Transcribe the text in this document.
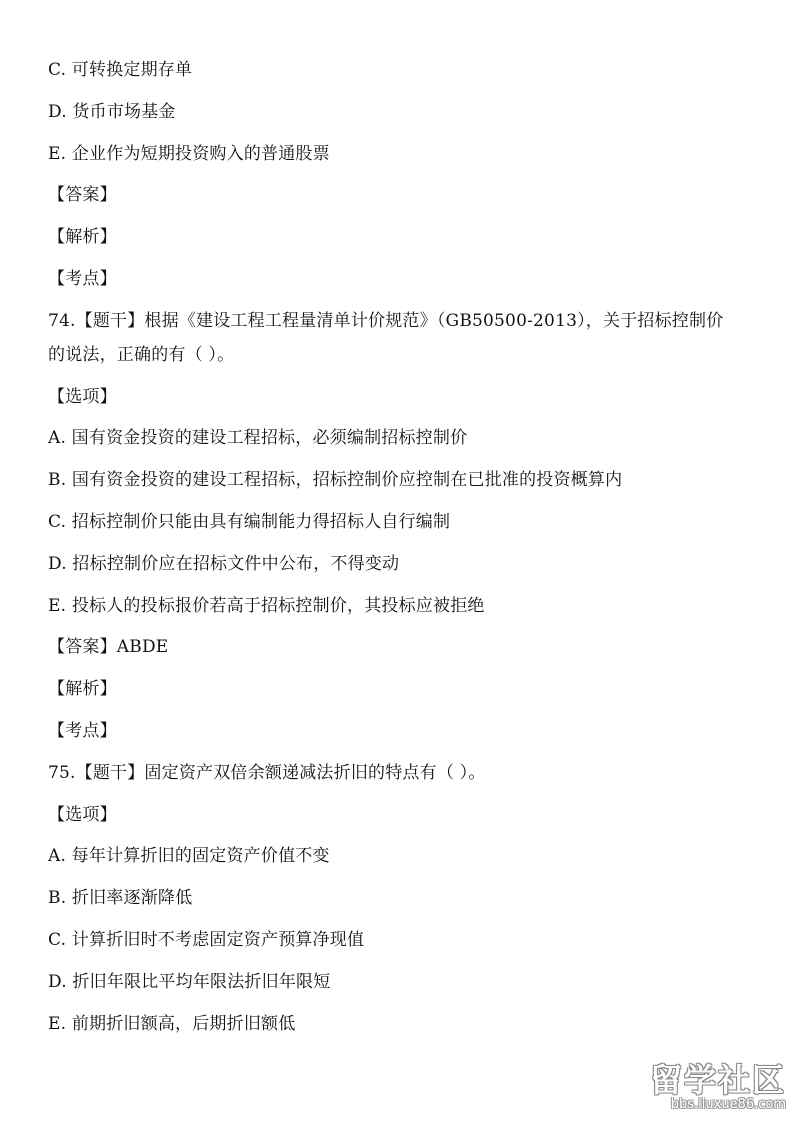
C. 可转换定期存单
D. 货币市场基金
E. 企业作为短期投资购入的普通股票
【答案】
【解析】
【考点】
74.【题干】根据《建设工程工程量清单计价规范》（GB50500-2013），关于招标控制价
的说法，正确的有（ ）。
【选项】
A. 国有资金投资的建设工程招标，必须编制招标控制价
B. 国有资金投资的建设工程招标，招标控制价应控制在已批准的投资概算内
C. 招标控制价只能由具有编制能力得招标人自行编制
D. 招标控制价应在招标文件中公布，不得变动
E. 投标人的投标报价若高于招标控制价，其投标应被拒绝
【答案】ABDE
【解析】
【考点】
75.【题干】固定资产双倍余额递减法折旧的特点有（ ）。
【选项】
A. 每年计算折旧的固定资产价值不变
B. 折旧率逐渐降低
C. 计算折旧时不考虑固定资产预算净现值
D. 折旧年限比平均年限法折旧年限短
E. 前期折旧额高，后期折旧额低
留学社区
bbs.liuxue86.com
